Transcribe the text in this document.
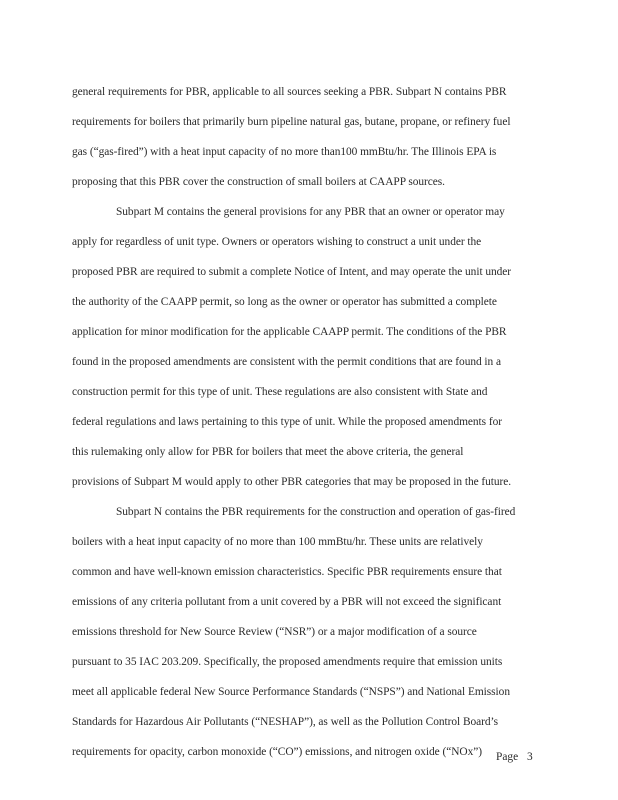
general requirements for PBR, applicable to all sources seeking a PBR. Subpart N contains PBR
requirements for boilers that primarily burn pipeline natural gas, butane, propane, or refinery fuel
gas (“gas-fired”) with a heat input capacity of no more than100 mmBtu/hr. The Illinois EPA is
proposing that this PBR cover the construction of small boilers at CAAPP sources.
Subpart M contains the general provisions for any PBR that an owner or operator may
apply for regardless of unit type. Owners or operators wishing to construct a unit under the
proposed PBR are required to submit a complete Notice of Intent, and may operate the unit under
the authority of the CAAPP permit, so long as the owner or operator has submitted a complete
application for minor modification for the applicable CAAPP permit. The conditions of the PBR
found in the proposed amendments are consistent with the permit conditions that are found in a
construction permit for this type of unit. These regulations are also consistent with State and
federal regulations and laws pertaining to this type of unit. While the proposed amendments for
this rulemaking only allow for PBR for boilers that meet the above criteria, the general
provisions of Subpart M would apply to other PBR categories that may be proposed in the future.
Subpart N contains the PBR requirements for the construction and operation of gas-fired
boilers with a heat input capacity of no more than 100 mmBtu/hr. These units are relatively
common and have well-known emission characteristics. Specific PBR requirements ensure that
emissions of any criteria pollutant from a unit covered by a PBR will not exceed the significant
emissions threshold for New Source Review (“NSR”) or a major modification of a source
pursuant to 35 IAC 203.209. Specifically, the proposed amendments require that emission units
meet all applicable federal New Source Performance Standards (“NSPS”) and National Emission
Standards for Hazardous Air Pollutants (“NESHAP”), as well as the Pollution Control Board’s
requirements for opacity, carbon monoxide (“CO”) emissions, and nitrogen oxide (“NOx”)	Page 3
